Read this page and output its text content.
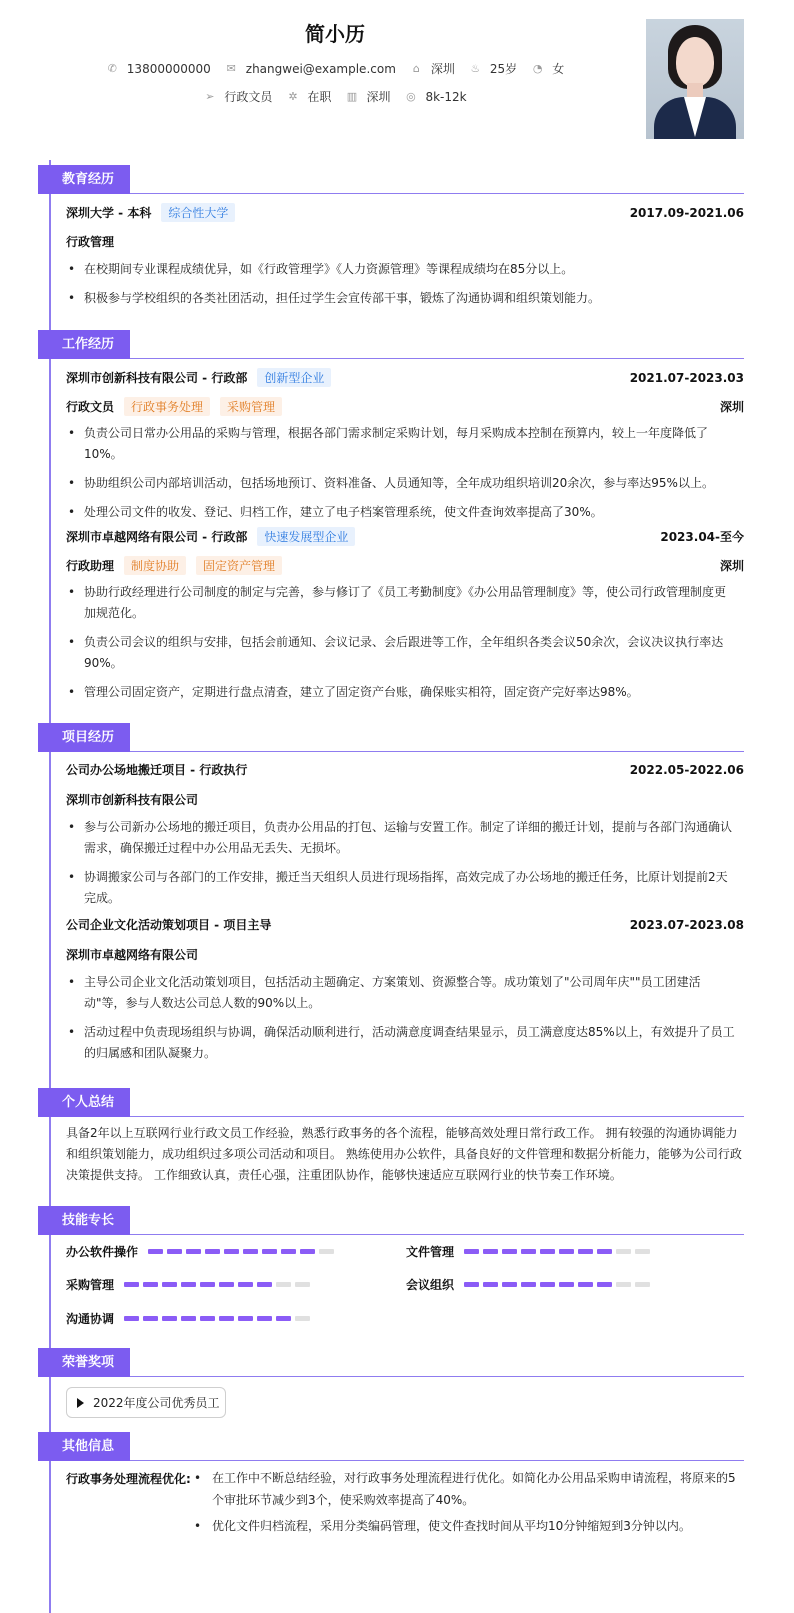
简小历
✆ 13800000000 ✉ zhangwei@example.com ⌂ 深圳 ♨ 25岁 ◔ 女
➢ 行政文员 ✲ 在职 ▥ 深圳 ◎ 8k-12k
教育经历
深圳大学 - 本科	综合性大学	2017.09-2021.06
行政管理
• 在校期间专业课程成绩优异，如《行政管理学》《人力资源管理》等课程成绩均在85分以上。
• 积极参与学校组织的各类社团活动，担任过学生会宣传部干事，锻炼了沟通协调和组织策划能力。
工作经历
深圳市创新科技有限公司 - 行政部	创新型企业	2021.07-2023.03
行政文员	行政事务处理	采购管理	深圳
• 负责公司日常办公用品的采购与管理，根据各部门需求制定采购计划，每月采购成本控制在预算内，较上一年度降低了10%。
• 协助组织公司内部培训活动，包括场地预订、资料准备、人员通知等，全年成功组织培训20余次，参与率达95%以上。
• 处理公司文件的收发、登记、归档工作，建立了电子档案管理系统，使文件查询效率提高了30%。
深圳市卓越网络有限公司 - 行政部	快速发展型企业	2023.04-至今
行政助理	制度协助	固定资产管理	深圳
• 协助行政经理进行公司制度的制定与完善，参与修订了《员工考勤制度》《办公用品管理制度》等，使公司行政管理制度更加规范化。
• 负责公司会议的组织与安排，包括会前通知、会议记录、会后跟进等工作，全年组织各类会议50余次，会议决议执行率达90%。
• 管理公司固定资产，定期进行盘点清查，建立了固定资产台账，确保账实相符，固定资产完好率达98%。
项目经历
公司办公场地搬迁项目 - 行政执行	2022.05-2022.06
深圳市创新科技有限公司
• 参与公司新办公场地的搬迁项目，负责办公用品的打包、运输与安置工作。制定了详细的搬迁计划，提前与各部门沟通确认需求，确保搬迁过程中办公用品无丢失、无损坏。
• 协调搬家公司与各部门的工作安排，搬迁当天组织人员进行现场指挥，高效完成了办公场地的搬迁任务，比原计划提前2天完成。
公司企业文化活动策划项目 - 项目主导	2023.07-2023.08
深圳市卓越网络有限公司
• 主导公司企业文化活动策划项目，包括活动主题确定、方案策划、资源整合等。成功策划了"公司周年庆""员工团建活动"等，参与人数达公司总人数的90%以上。
• 活动过程中负责现场组织与协调，确保活动顺利进行，活动满意度调查结果显示，员工满意度达85%以上，有效提升了员工的归属感和团队凝聚力。
个人总结
具备2年以上互联网行业行政文员工作经验，熟悉行政事务的各个流程，能够高效处理日常行政工作。 拥有较强的沟通协调能力和组织策划能力，成功组织过多项公司活动和项目。 熟练使用办公软件，具备良好的文件管理和数据分析能力，能够为公司行政决策提供支持。 工作细致认真，责任心强，注重团队协作，能够快速适应互联网行业的快节奏工作环境。
技能专长
办公软件操作	文件管理
采购管理	会议组织
沟通协调
荣誉奖项
2022年度公司优秀员工
其他信息
行政事务处理流程优化:
•	在工作中不断总结经验，对行政事务处理流程进行优化。如简化办公用品采购申请流程，将原来的5个审批环节减少到3个，使采购效率提高了40%。
• 优化文件归档流程，采用分类编码管理，使文件查找时间从平均10分钟缩短到3分钟以内。
